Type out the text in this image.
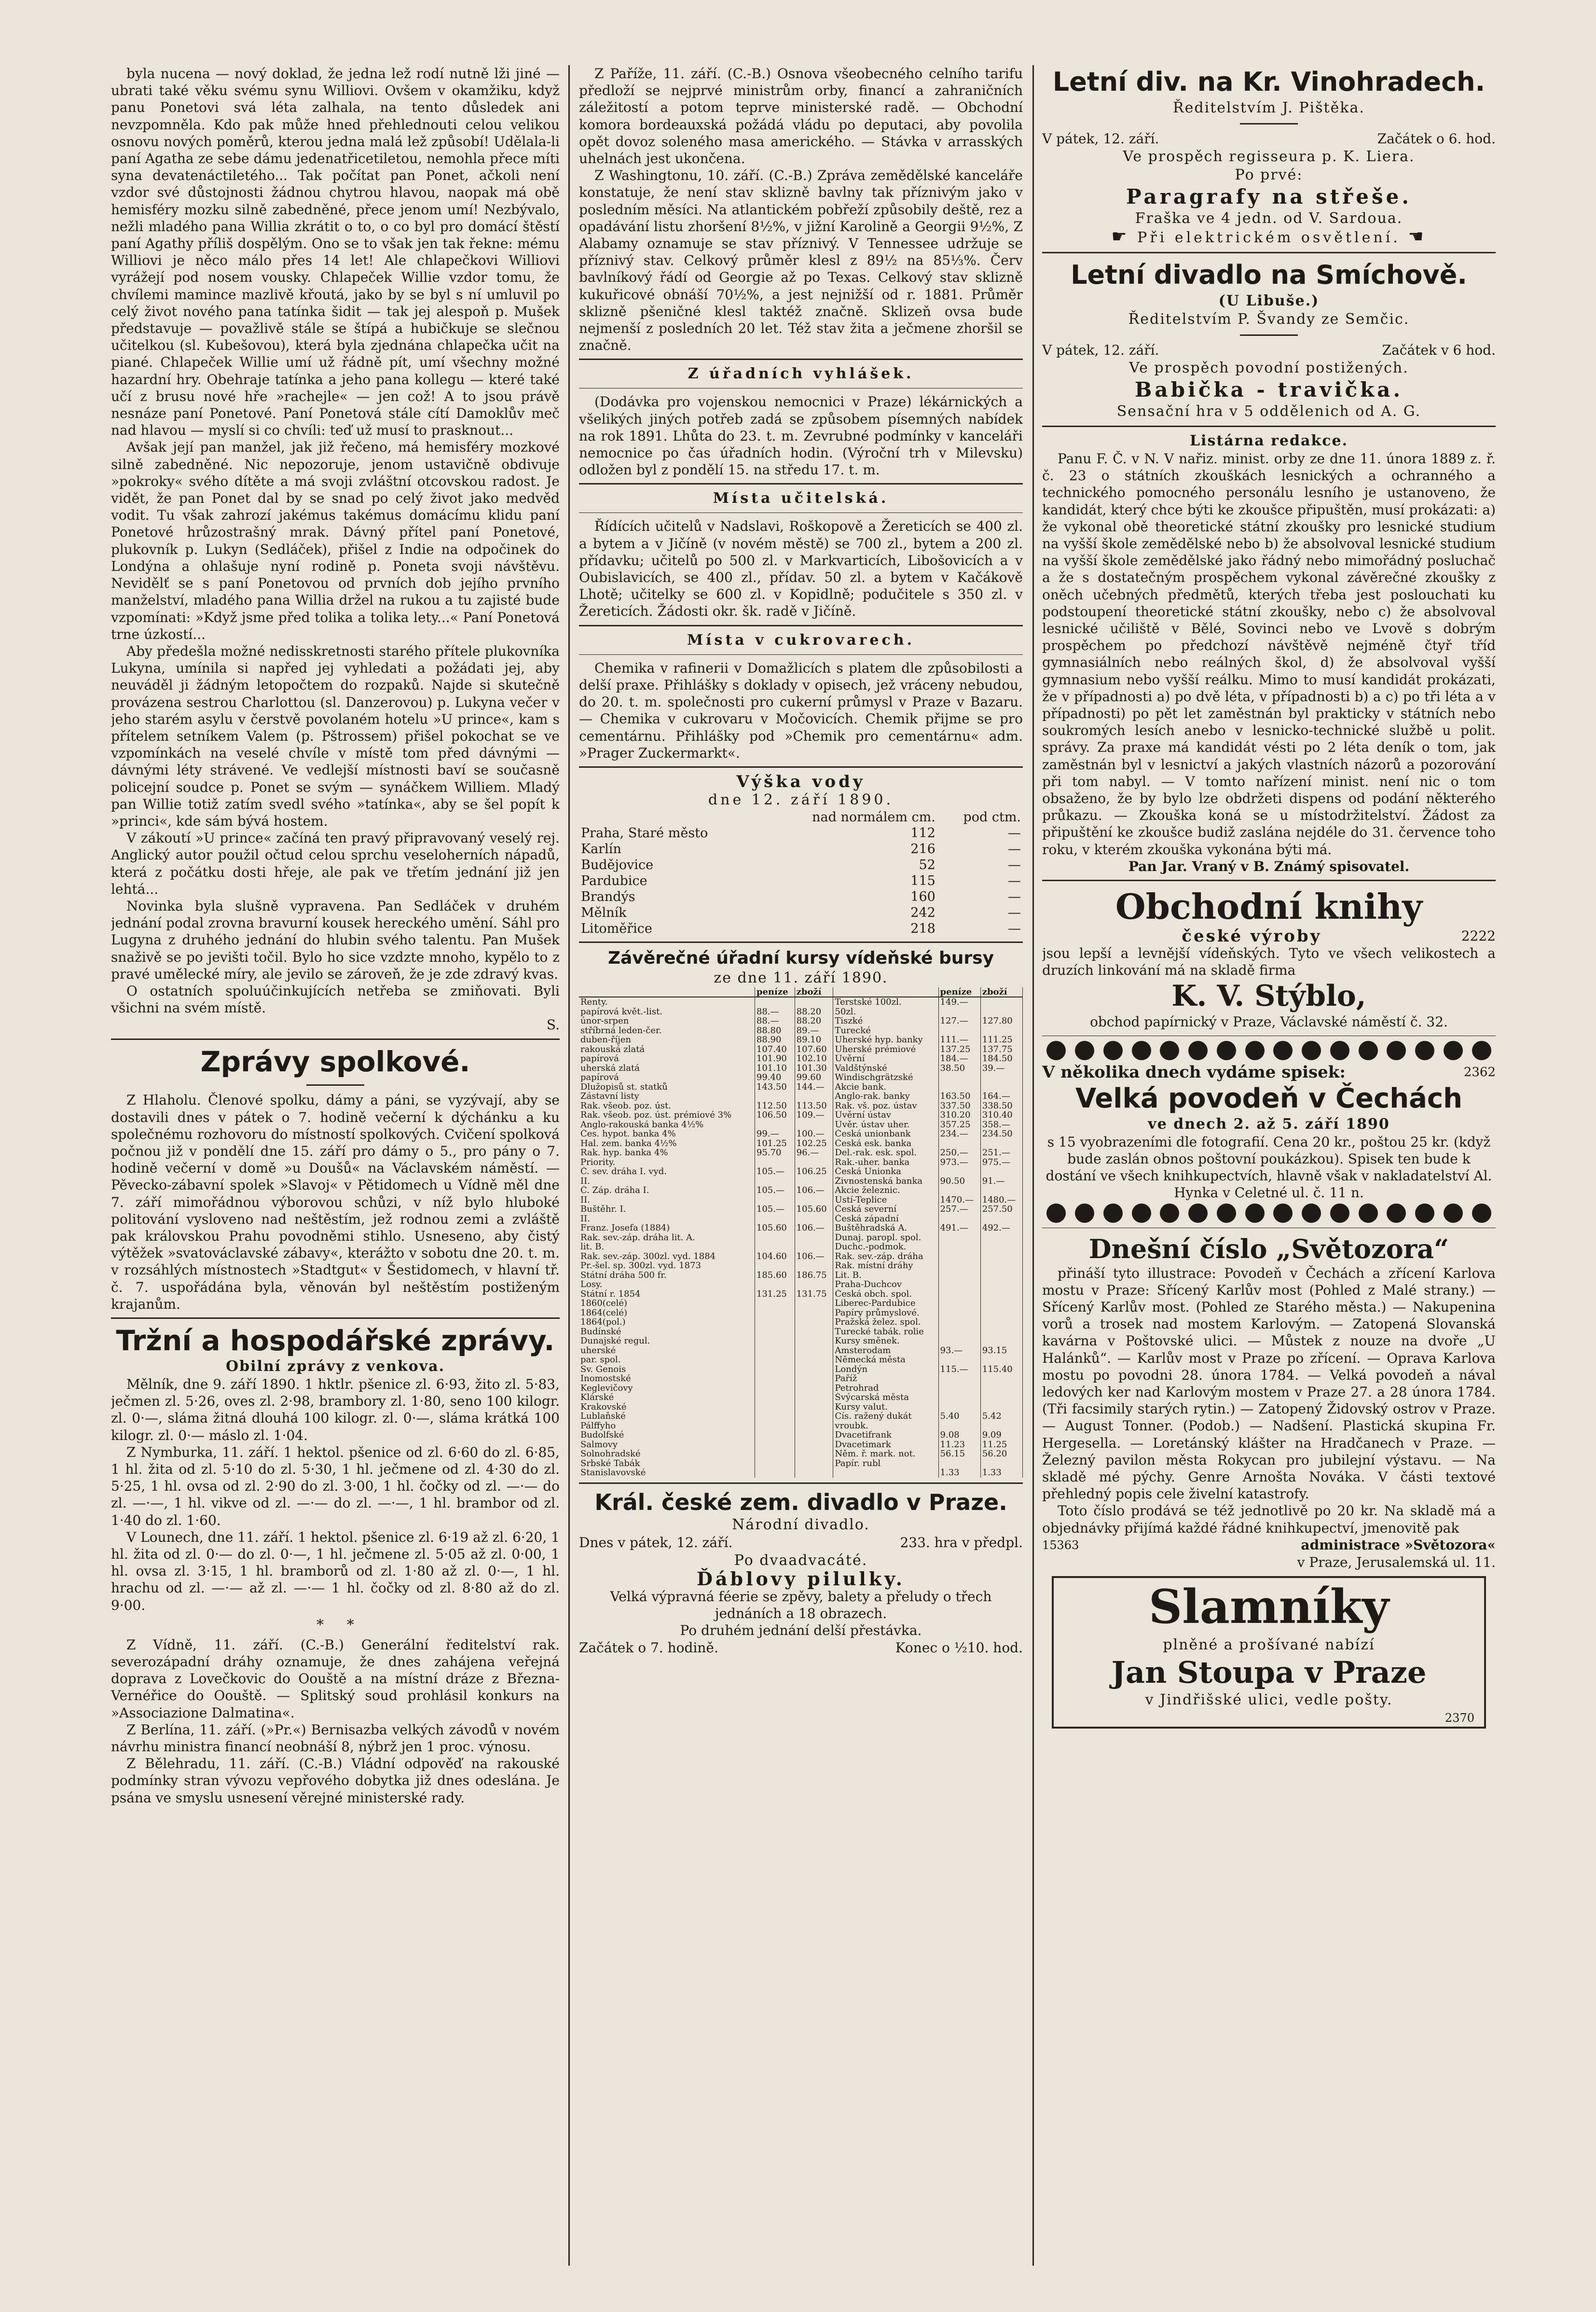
byla nucena — nový doklad, že jedna lež rodí nutně lži jiné — ubrati také věku svému synu Williovi. Ovšem v okamžiku, když panu Ponetovi svá léta zalhala, na tento důsledek ani nevzpomněla. Kdo pak může hned přehlednouti celou velikou osnovu nových poměrů, kterou jedna malá lež způsobí! Udělala-li paní Agatha ze sebe dámu jedenatřicetiletou, nemohla přece míti syna devatenáctiletého... Tak počítat pan Ponet, ačkoli není vzdor své důstojnosti žádnou chytrou hlavou, naopak má obě hemisféry mozku silně zabedněné, přece jenom umí! Nezbývalo, nežli mladého pana Willia zkrátit o to, o co byl pro domácí štěstí paní Agathy příliš dospělým. Ono se to však jen tak řekne: mému Williovi je něco málo přes 14 let! Ale chlapečkovi Williovi vyrážejí pod nosem vousky. Chlapeček Willie vzdor tomu, že chvílemi mamince mazlivě křoutá, jako by se byl s ní umluvil po celý život nového pana tatínka šidit — tak jej alespoň p. Mušek představuje — považlivě stále se štípá a hubičkuje se slečnou učitelkou (sl. Kubešovou), která byla zjednána chlapečka učit na piané. Chlapeček Willie umí už řádně pít, umí všechny možné hazardní hry. Obehraje tatínka a jeho pana kollegu — které také učí z brusu nové hře »rachejle« — jen což! A to jsou právě nesnáze paní Ponetové. Paní Ponetová stále cítí Damoklův meč nad hlavou — myslí si co chvíli: teď už musí to prasknout...

Avšak její pan manžel, jak již řečeno, má hemisféry mozkové silně zabedněné. Nic nepozoruje, jenom ustavičně obdivuje »pokroky« svého dítěte a má svoji zvláštní otcovskou radost. Je vidět, že pan Ponet dal by se snad po celý život jako medvěd vodit. Tu však zahrozí jakémus takémus domácímu klidu paní Ponetové hrůzostrašný mrak. Dávný přítel paní Ponetové, plukovník p. Lukyn (Sedláček), přišel z Indie na odpočinek do Londýna a ohlašuje nyní rodině p. Poneta svoji návštěvu. Nevidělť se s paní Ponetovou od prvních dob jejího prvního manželství, mladého pana Willia držel na rukou a tu zajisté bude vzpomínati: »Když jsme před tolika a tolika lety...« Paní Ponetová trne úzkostí...

Aby předešla možné nedisskretnosti starého přítele plukovníka Lukyna, umínila si napřed jej vyhledati a požádati jej, aby neuváděl ji žádným letopočtem do rozpaků. Najde si skutečně provázena sestrou Charlottou (sl. Danzerovou) p. Lukyna večer v jeho starém asylu v čerstvě povolaném hotelu »U prince«, kam s přítelem setníkem Valem (p. Pštrossem) přišel pokochat se ve vzpomínkách na veselé chvíle v místě tom před dávnými — dávnými léty strávené. Ve vedlejší místnosti baví se současně policejní soudce p. Ponet se svým — synáčkem Williem. Mladý pan Willie totiž zatím svedl svého »tatínka«, aby se šel popít k »princi«, kde sám bývá hostem.

V zákoutí »U prince« začíná ten pravý připravovaný veselý rej. Anglický autor použil očtud celou sprchu veseloherních nápadů, která z počátku dosti hřeje, ale pak ve třetím jednání již jen lehtá...

Novinka byla slušně vypravena. Pan Sedláček v druhém jednání podal zrovna bravurní kousek hereckého umění. Sáhl pro Lugyna z druhého jednání do hlubin svého talentu. Pan Mušek snaživě se po jevišti točil. Bylo ho sice vzdzte mnoho, kypělo to z pravé umělecké míry, ale jevilo se zároveň, že je zde zdravý kvas.

O ostatních spoluúčinkujících netřeba se zmiňovati. Byli všichni na svém místě.

S.

Zprávy spolkové.

Z Hlaholu. Členové spolku, dámy a páni, se vyzývají, aby se dostavili dnes v pátek o 7. hodině večerní k dýchánku a ku společnému rozhovoru do místností spolkových. Cvičení spolková počnou již v pondělí dne 15. září pro dámy o 5., pro pány o 7. hodině večerní v domě »u Doušů« na Václavském náměstí. — Pěvecko-zábavní spolek »Slavoj« v Pětidomech u Vídně měl dne 7. září mimořádnou výborovou schůzi, v níž bylo hluboké politování vysloveno nad neštěstím, jež rodnou zemi a zvláště pak královskou Prahu povodněmi stihlo. Usneseno, aby čistý výtěžek »svatováclavské zábavy«, kterážto v sobotu dne 20. t. m. v rozsáhlých místnostech »Stadtgut« v Šestidomech, v hlavní tř. č. 7. uspořádána byla, věnován byl neštěstím postiženým krajanům.

Tržní a hospodářské zprávy.

Obilní zprávy z venkova.

Mělník, dne 9. září 1890. 1 hktlr. pšenice zl. 6·93, žito zl. 5·83, ječmen zl. 5·26, oves zl. 2·98, brambory zl. 1·80, seno 100 kilogr. zl. 0·—, sláma žitná dlouhá 100 kilogr. zl. 0·—, sláma krátká 100 kilogr. zl. 0·— máslo zl. 1·04.

Z Nymburka, 11. září. 1 hektol. pšenice od zl. 6·60 do zl. 6·85, 1 hl. žita od zl. 5·10 do zl. 5·30, 1 hl. ječmene od zl. 4·30 do zl. 5·25, 1 hl. ovsa od zl. 2·90 do zl. 3·00, 1 hl. čočky od zl. —·— do zl. —·—, 1 hl. vikve od zl. —·— do zl. —·—, 1 hl. brambor od zl. 1·40 do zl. 1·60.

V Lounech, dne 11. září. 1 hektol. pšenice zl. 6·19 až zl. 6·20, 1 hl. žita od zl. 0·— do zl. 0·—, 1 hl. ječmene zl. 5·05 až zl. 0·00, 1 hl. ovsa zl. 3·15, 1 hl. bramborů od zl. 1·80 až zl. 0·—, 1 hl. hrachu od zl. —·— až zl. —·— 1 hl. čočky od zl. 8·80 až do zl. 9·00.

*     *

Z Vídně, 11. září. (C.-B.) Generální ředitelství rak. severozápadní dráhy oznamuje, že dnes zahájena veřejná doprava z Lovečkovic do Oouště a na místní dráze z Března-Vernéřice do Oouště. — Splitský soud prohlásil konkurs na »Associazione Dalmatina«.

Z Berlína, 11. září. (»Pr.«) Bernisazba velkých závodů v novém návrhu ministra financí neobnáší 8, nýbrž jen 1 proc. výnosu.

Z Bělehradu, 11. září. (C.-B.) Vládní odpověď na rakouské podmínky stran vývozu vepřového dobytka již dnes odeslána. Je psána ve smyslu usnesení věrejné ministerské rady.

Z Paříže, 11. září. (C.-B.) Osnova všeobecného celního tarifu předloží se nejprvé ministrům orby, financí a zahraničních záležitostí a potom teprve ministerské radě. — Obchodní komora bordeauxská požádá vládu po deputaci, aby povolila opět dovoz soleného masa amerického. — Stávka v arrasských uhelnách jest ukončena.

Z Washingtonu, 10. září. (C.-B.) Zpráva zemědělské kanceláře konstatuje, že není stav sklizně bavlny tak příznivým jako v posledním měsíci. Na atlantickém pobřeží způsobily deště, rez a opadávání listu zhoršení 8½%, v jižní Karolině a Georgii 9½%, Z Alabamy oznamuje se stav příznivý. V Tennessee udržuje se příznivý stav. Celkový průměr klesl z 89½ na 85⅓%. Červ bavlníkový řádí od Georgie až po Texas. Celkový stav sklizně kukuřicové obnáší 70½%, a jest nejnižší od r. 1881. Průměr sklizně pšeničné klesl taktéž značně. Sklizeň ovsa bude nejmenší z posledních 20 let. Též stav žita a ječmene zhoršil se značně.

Z úřadních vyhlášek.

(Dodávka pro vojenskou nemocnici v Praze) lékárnických a všelikých jiných potřeb zadá se způsobem písemných nabídek na rok 1891. Lhůta do 23. t. m. Zevrubné podmínky v kanceláři nemocnice po čas úřadních hodin. (Výroční trh v Milevsku) odložen byl z pondělí 15. na středu 17. t. m.

Místa učitelská.

Řídících učitelů v Nadslavi, Roškopově a Žereticích se 400 zl. a bytem a v Jičíně (v novém městě) se 700 zl., bytem a 200 zl. přídavku; učitelů po 500 zl. v Markvarticích, Libošovicích a v Oubislavicích, se 400 zl., přídav. 50 zl. a bytem v Kačákově Lhotě; učitelky se 600 zl. v Kopidlně; podučitele s 350 zl. v Žereticích. Žádosti okr. šk. radě v Jičíně.

Místa v cukrovarech.

Chemika v rafinerii v Domažlicích s platem dle způsobilosti a delší praxe. Přihlášky s doklady v opisech, jež vráceny nebudou, do 20. t. m. společnosti pro cukerní průmysl v Praze v Bazaru. — Chemika v cukrovaru v Močovicích. Chemik přijme se pro cementárnu. Přihlášky pod »Chemik pro cementárnu« adm. »Prager Zuckermarkt«.

Výška vody

dne 12. září 1890.

	nad normálem cm.	pod ctm.
Praha, Staré město	112	—
Karlín	216	—
Budějovice	52	—
Pardubice	115	—
Brandýs	160	—
Mělník	242	—
Litoměřice	218	—

Závěrečné úřadní kursy vídeňské bursy

ze dne 11. září 1890.

	peníze	zboží		peníze	zboží
Renty.			Terstské 100zl.	149.—	
papírová květ.-list.	88.—	88.20	50zl.		
únor-srpen	88.—	88.20	Tiszké	127.—	127.80
stříbrná leden-čer.	88.80	89.—	Turecké		
duben-říjen	88.90	89.10	Uherské hyp. banky	111.—	111.25
rakouská zlatá	107.40	107.60	Uherské prémiové	137.25	137.75
papírová	101.90	102.10	Úvěrní	184.—	184.50
uherská zlatá	101.10	101.30	Valdštýnské	38.50	39.—
papírová	99.40	99.60	Windischgrätzské		
Dlužopisů st. statků	143.50	144.—	Akcie bank.		
Zástavní listy			Anglo-rak. banky	163.50	164.—
Rak. všeob. poz. úst.	112.50	113.50	Rak. vš. poz. ústav	337.50	338.50
Rak. všeob. poz. úst. prémiové 3%	106.50	109.—	Úvěrní ústav	310.20	310.40
Anglo-rakouská banka 4½%			Úvěr. ústav uher.	357.25	358.—
Čes. hypot. banka 4%	99.—	100.—	Česká unionbank	234.—	234.50
Hal. zem. banka 4½%	101.25	102.25	Česká esk. banka		
Rak. hyp. banka 4%	95.70	96.—	Del.-rak. esk. spol.	250.—	251.—
Priority.			Rak.-uher. banka	973.—	975.—
Č. sev. dráha I. vyd.	105.—	106.25	Česká Unionka		
II.			Živnostenská banka	90.50	91.—
Č. Záp. dráha I.	105.—	106.—	Akcie železnic.		
II.			Ústí-Teplice	1470.—	1480.—
Buštěhr. I.	105.—	105.60	Česká severní	257.—	257.50
II.			Česká západní		
Franz. Josefa (1884)	105.60	106.—	Buštěhradská A.	491.—	492.—
Rak. sev.-záp. dráha lit. A.			Dunaj. paropl. spol.		
lit. B.			Duchc.-podmok.		
Rak. sev.-záp. 300zl. vyd. 1884	104.60	106.—	Rak. sev.-záp. dráha		
Pr.-šel. sp. 300zl. vyd. 1873			Rak. místní dráhy		
Státní dráha 500 fr.	185.60	186.75	Lit. B.		
Losy.			Praha-Duchcov		
Státní r. 1854	131.25	131.75	Česká obch. spol.		
1860(celé)			Liberec-Pardubice		
1864(celé)			Papíry průmyslové.		
1864(pol.)			Pražská želez. spol.		
Budínské			Turecké tabák. rolie		
Dunajské regul.			Kursy směnek.		
uherské			Amsterodam	93.—	93.15
par. spol.			Německá města		
Sv. Genois			Londýn	115.—	115.40
Inomostské			Paříž		
Keglevičovy			Petrohrad		
Klárské			Švýcarská města		
Krakovské			Kursy valut.		
Lublaňské			Cís. ražený dukát	5.40	5.42
Pálffyho			vroubk.		
Budolfské			Dvacetifrank	9.08	9.09
Salmovy			Dvacetimark	11.23	11.25
Solnohradské			Něm. ř. mark. not.	56.15	56.20
Srbské Tabák			Papír. rubl		
Stanislavovské				1.33	1.33

Král. české zem. divadlo v Praze.

Národní divadlo.

Dnes v pátek, 12. září.	233. hra v předpl.

Po dvaadvacáté.

Ďáblovy pilulky.

Velká výpravná féerie se zpěvy, balety a přeludy o třech jednáních a 18 obrazech.

Po druhém jednání delší přestávka.

Začátek o 7. hodině.	Konec o ½10. hod.
Letní div. na Kr. Vinohradech.

Ředitelstvím J. Pištěka.

V pátek, 12. září.	Začátek o 6. hod.

Ve prospěch regisseura p. K. Liera.

Po prvé:

Paragrafy na střeše.

Fraška ve 4 jedn. od V. Sardoua.

☛ Při elektrickém osvětlení. ☚

Letní divadlo na Smíchově.

(U Libuše.)

Ředitelstvím P. Švandy ze Semčic.

V pátek, 12. září.	Začátek v 6 hod.

Ve prospěch povodní postižených.

Babička - travička.

Sensační hra v 5 oddělenich od A. G.

Listárna redakce.

Panu F. Č. v N. V nařiz. minist. orby ze dne 11. února 1889 z. ř. č. 23 o státních zkouškách lesnických a ochranného a technického pomocného personálu lesního je ustanoveno, že kandidát, který chce býti ke zkoušce připuštěn, musí prokázati: a) že vykonal obě theoretické státní zkoušky pro lesnické studium na vyšší škole zemědělské nebo b) že absolvoval lesnické studium na vyšší škole zemědělské jako řádný nebo mimořádný posluchač a že s dostatečným prospěchem vykonal závěrečné zkoušky z oněch učebných předmětů, kterých třeba jest poslouchati ku podstoupení theoretické státní zkoušky, nebo c) že absolvoval lesnické učiliště v Bělé, Sovinci nebo ve Lvově s dobrým prospěchem po předchozí návštěvě nejméně čtyř tříd gymnasiálních nebo reálných škol, d) že absolvoval vyšší gymnasium nebo vyšší reálku. Mimo to musí kandidát prokázati, že v případnosti a) po dvě léta, v případnosti b) a c) po tři léta a v případnosti) po pět let zaměstnán byl prakticky v státních nebo soukromých lesích anebo v lesnicko-technické službě u polit. správy. Za praxe má kandidát vésti po 2 léta deník o tom, jak zaměstnán byl v lesnictví a jakých vlastních názorů a pozorování při tom nabyl. — V tomto nařízení minist. není nic o tom obsaženo, že by bylo lze obdržeti dispens od podání některého průkazu. — Zkouška koná se u místodržitelství. Žádost za připuštění ke zkoušce budiž zaslána nejdéle do 31. července toho roku, v kterém zkouška vykonána býti má.

Pan Jar. Vraný v B. Známý spisovatel.

Obchodní knihy
české výroby	2222

jsou lepší a levnější vídeňských. Tyto ve všech velikostech a druzích linkování má na skladě firma

K. V. Stýblo,

obchod papírnický v Praze, Václavské náměstí č. 32.

V několika dnech vydáme spisek:	2362

Velká povodeň v Čechách

ve dnech 2. až 5. září 1890

s 15 vyobrazeními dle fotografií. Cena 20 kr., poštou 25 kr. (když bude zaslán obnos poštovní poukázkou). Spisek ten bude k dostání ve všech knihkupectvích, hlavně však v nakladatelství Al. Hynka v Celetné ul. č. 11 n.

Dnešní číslo „Světozora“

přináší tyto illustrace: Povodeň v Čechách a zřícení Karlova mostu v Praze: Sřícený Karlův most (Pohled z Malé strany.) — Sřícený Karlův most. (Pohled ze Starého města.) — Nakupenina vorů a trosek nad mostem Karlovým. — Zatopená Slovanská kavárna v Poštovské ulici. — Můstek z nouze na dvoře „U Halánků“. — Karlův most v Praze po zřícení. — Oprava Karlova mostu po povodni 28. února 1784. — Velká povodeň a nával ledových ker nad Karlovým mostem v Praze 27. a 28 února 1784. (Tři facsimily starých rytin.) — Zatopený Židovský ostrov v Praze. — August Tonner. (Podob.) — Nadšení. Plastická skupina Fr. Hergesella. — Loretánský klášter na Hradčanech v Praze. — Železný pavilon města Rokycan pro jubilejní výstavu. — Na skladě mé pýchy. Genre Arnošta Nováka. V části textové přehledný popis cele živelní katastrofy.

Toto číslo prodává se též jednotlivě po 20 kr. Na skladě má a objednávky přijímá každé řádné knihkupectví, jmenovitě pak

15363	administrace »Světozora«

v Praze, Jerusalemská ul. 11.

Slamníky

plněné a prošívané nabízí

Jan Stoupa v Praze

v Jindřišské ulici, vedle pošty.

2370
